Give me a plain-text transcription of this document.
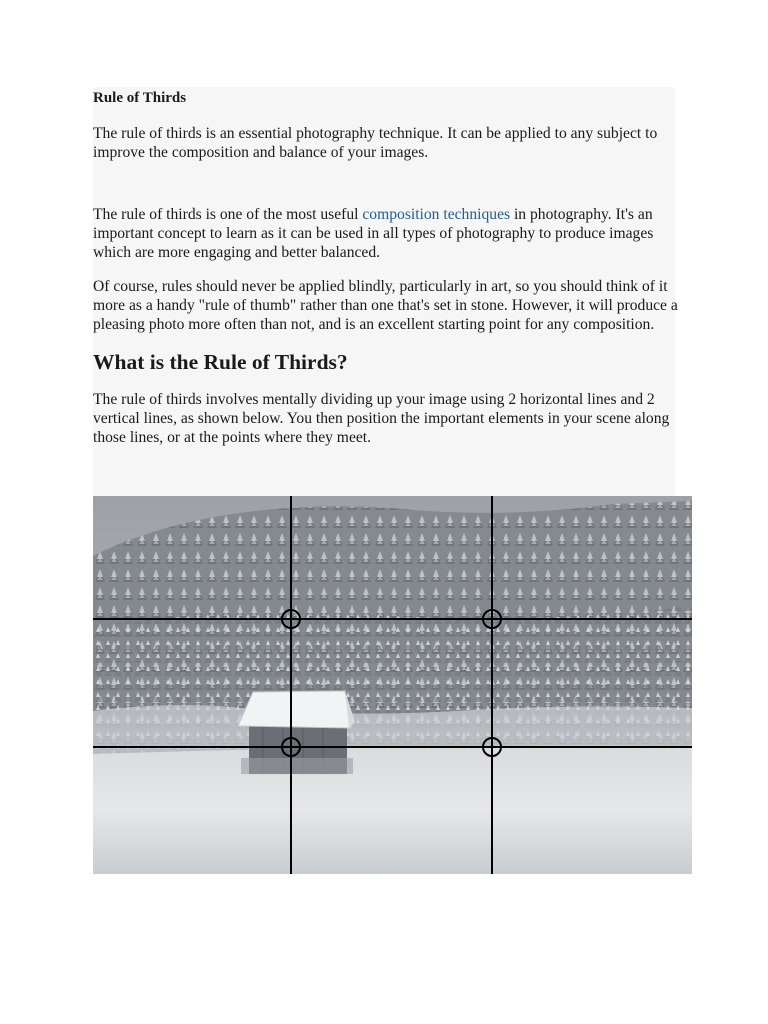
Rule of Thirds

The rule of thirds is an essential photography technique. It can be applied to any subject to improve the composition and balance of your images.

The rule of thirds is one of the most useful composition techniques in photography. It's an important concept to learn as it can be used in all types of photography to produce images which are more engaging and better balanced.

Of course, rules should never be applied blindly, particularly in art, so you should think of it more as a handy "rule of thumb" rather than one that's set in stone. However, it will produce a pleasing photo more often than not, and is an excellent starting point for any composition.

What is the Rule of Thirds?

The rule of thirds involves mentally dividing up your image using 2 horizontal lines and 2 vertical lines, as shown below. You then position the important elements in your scene along those lines, or at the points where they meet.
